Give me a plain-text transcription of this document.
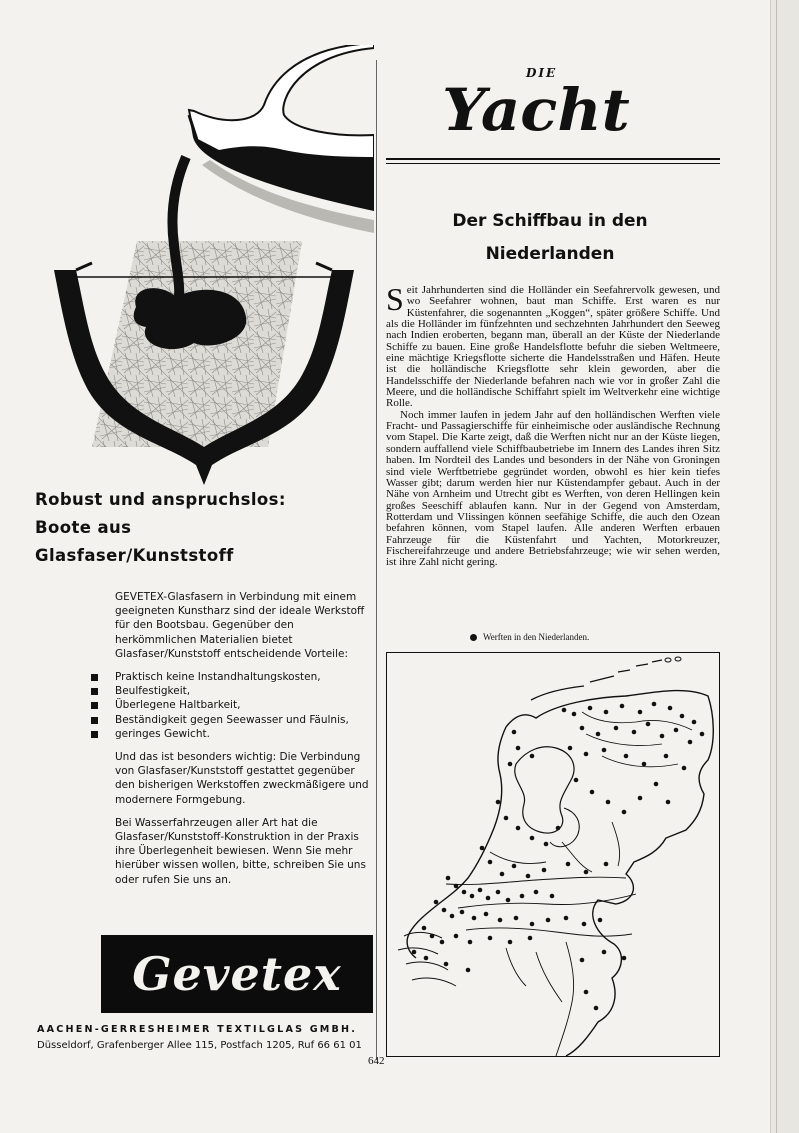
Robust und anspruchslos:
Boote aus
Glasfaser/Kunststoff

GEVETEX-Glasfasern in Verbindung mit einem geeigneten Kunstharz sind der ideale Werkstoff für den Bootsbau. Gegenüber den herkömmlichen Materialien bietet Glasfaser/Kunststoff entscheidende Vorteile:

Praktisch keine Instandhaltungskosten,
Beulfestigkeit,
Überlegene Haltbarkeit,
Beständigkeit gegen Seewasser und Fäulnis,
geringes Gewicht.

Und das ist besonders wichtig: Die Verbindung von Glasfaser/Kunststoff gestattet gegenüber den bisherigen Werkstoffen zweckmäßigere und modernere Formgebung.

Bei Wasserfahrzeugen aller Art hat die Glasfaser/Kunststoff-Konstruktion in der Praxis ihre Überlegenheit bewiesen. Wenn Sie mehr hierüber wissen wollen, bitte, schreiben Sie uns oder rufen Sie uns an.

Gevetex
AACHEN-GERRESHEIMER TEXTILGLAS GMBH.
Düsseldorf, Grafenberger Allee 115, Postfach 1205, Ruf 66 61 01
DIE
Yacht
Der Schiffbau in den
Niederlanden

Seit Jahrhunderten sind die Holländer ein Seefahrervolk gewesen, und wo Seefahrer wohnen, baut man Schiffe. Erst waren es nur Küstenfahrer, die sogenannten „Koggen“, später größere Schiffe. Und als die Holländer im fünfzehnten und sechzehnten Jahrhundert den Seeweg nach Indien eroberten, begann man, überall an der Küste der Niederlande Schiffe zu bauen. Eine große Handelsflotte befuhr die sieben Weltmeere, eine mächtige Kriegsflotte sicherte die Handelsstraßen und Häfen. Heute ist die holländische Kriegsflotte sehr klein geworden, aber die Handelsschiffe der Niederlande befahren nach wie vor in großer Zahl die Meere, und die holländische Schiffahrt spielt im Weltverkehr eine wichtige Rolle.

Noch immer laufen in jedem Jahr auf den holländischen Werften viele Fracht- und Passagierschiffe für einheimische oder ausländische Rechnung vom Stapel. Die Karte zeigt, daß die Werften nicht nur an der Küste liegen, sondern auffallend viele Schiffbaubetriebe im Innern des Landes ihren Sitz haben. Im Nordteil des Landes und besonders in der Nähe von Groningen sind viele Werftbetriebe gegründet worden, obwohl es hier kein tiefes Wasser gibt; darum werden hier nur Küstendampfer gebaut. Auch in der Nähe von Arnheim und Utrecht gibt es Werften, von deren Hellingen kein großes Seeschiff ablaufen kann. Nur in der Gegend von Amsterdam, Rotterdam und Vlissingen können seefähige Schiffe, die auch den Ozean befahren können, vom Stapel laufen. Alle anderen Werften erbauen Fahrzeuge für die Küstenfahrt und Yachten, Motorkreuzer, Fischereifahrzeuge und andere Betriebsfahrzeuge; wie wir sehen werden, ist ihre Zahl nicht gering.

Werften in den Niederlanden.
642
